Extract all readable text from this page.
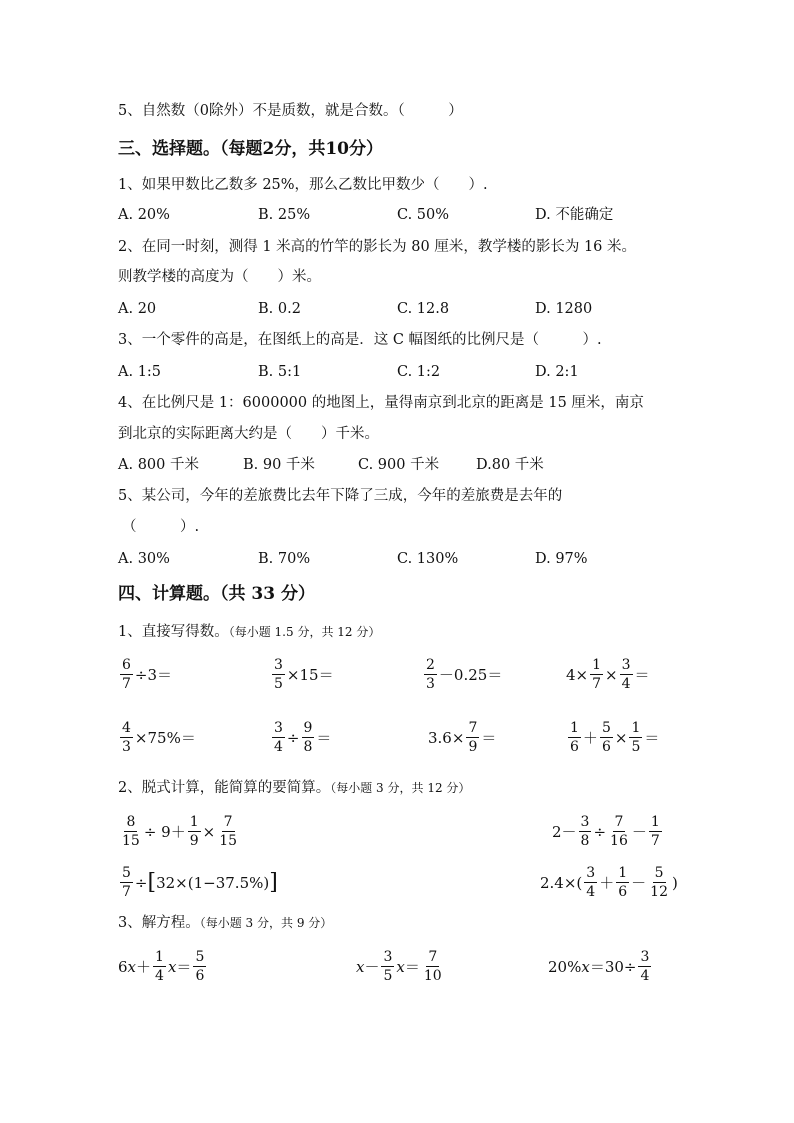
5、自然数（0除外）不是质数，就是合数。（　　　）
三、选择题。（每题2分，共10分）
1、如果甲数比乙数多 25%，那么乙数比甲数少（　　）.
A. 20%	B. 25%	C. 50%	D. 不能确定
2、在同一时刻，测得 1 米高的竹竿的影长为 80 厘米，教学楼的影长为 16 米。
则教学楼的高度为（　　）米。
A. 20	B. 0.2	C. 12.8	D. 1280
3、一个零件的高是，在图纸上的高是．这 C 幅图纸的比例尺是（　　　）.
A. 1:5	B. 5:1	C. 1:2	D. 2:1
4、在比例尺是 1：6000000 的地图上，量得南京到北京的距离是 15 厘米，南京
到北京的实际距离大约是（　　）千米。
A. 800 千米	B. 90 千米	C. 900 千米	D.80 千米
5、某公司，今年的差旅费比去年下降了三成，今年的差旅费是去年的
（　　　）.
A. 30%	B. 70%	C. 130%	D. 97%
四、计算题。（共 33 分）
1、直接写得数。（每小题 1.5 分，共 12 分）
$\frac{6}{7} \div 3=$	$\frac{3}{5} \times 15=$	$\frac{2}{3} -0.25=$	$4\times \frac{1}{7} \times \frac{3}{4}$ ＝
$\frac{4}{3} \times 75\%=$	$\frac{3}{4} \div \frac{9}{8}$ ＝	$3.6\times \frac{7}{9}$ ＝	$\frac{1}{6} + \frac{5}{6} \times \frac{1}{5}$ ＝
2、脱式计算，能简算的要简算。（每小题 3 分，共 12 分）
$\frac{8}{15} \div 9+ \frac{1}{9} \times \frac{7}{15}$	$2- \frac{3}{8} \div \frac{7}{16} - \frac{1}{7}$
$\frac{5}{7}$ ÷ [ 32×(1−37.5%) ]	$2.4\times( \frac{3}{4} + \frac{1}{6} - \frac{5}{12}$ )
3、解方程。（每小题 3 分，共 9 分）
6 $x + \frac{1}{4}$ $x = \frac{5}{6}$	$x - \frac{3}{5}$ $x = \frac{7}{10}$	20% $x =30\div \frac{3}{4}$
